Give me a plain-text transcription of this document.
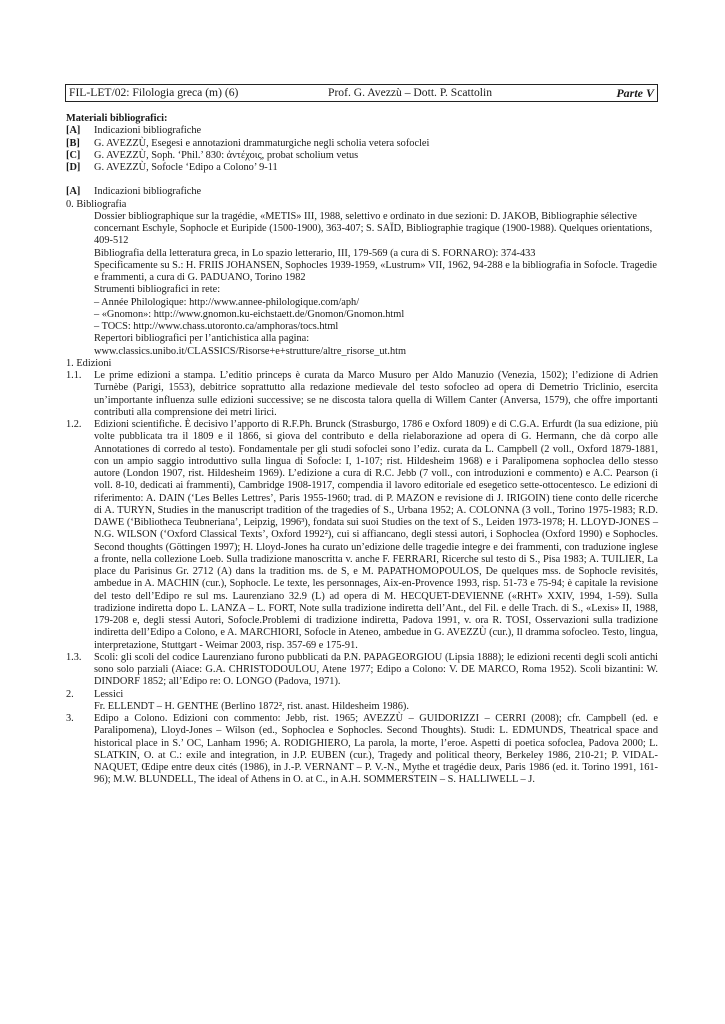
FIL-LET/02: Filologia greca (m) (6)	Prof. G. Avezzù – Dott. P. Scattolin	Parte V

Materiali bibliografici:

[A]	Indicazioni bibliografiche
[B]	G. AVEZZÙ, Esegesi e annotazioni drammaturgiche negli scholia vetera sofoclei
[C]	G. AVEZZÙ, Soph. ‘Phil.’ 830: ἀντέχοις, probat scholium vetus
[D]	G. AVEZZÙ, Sofocle ‘Edipo a Colono’ 9-11
[A]	Indicazioni bibliografiche

0. Bibliografia

Dossier bibliographique sur la tragédie, «METIS» III, 1988, selettivo e ordinato in due sezioni: D. JAKOB, Bibliographie sélective concernant Eschyle, Sophocle et Euripide (1500-1900), 363-407; S. SAÏD, Bibliographie tragique (1900-1988). Quelques orientations, 409-512

Bibliografia della letteratura greca, in Lo spazio letterario, III, 179-569 (a cura di S. FORNARO): 374-433

Specificamente su S.: H. FRIIS JOHANSEN, Sophocles 1939-1959, «Lustrum» VII, 1962, 94-288 e la bibliografia in Sofocle. Tragedie e frammenti, a cura di G. PADUANO, Torino 1982

Strumenti bibliografici in rete:

– Année Philologique: http://www.annee-philologique.com/aph/

– «Gnomon»: http://www.gnomon.ku-eichstaett.de/Gnomon/Gnomon.html

– TOCS: http://www.chass.utoronto.ca/amphoras/tocs.html

Repertori bibliografici per l’antichistica alla pagina:

www.classics.unibo.it/CLASSICS/Risorse+e+strutture/altre_risorse_ut.htm

1. Edizioni

1.1.	Le prime edizioni a stampa. L’editio princeps è curata da Marco Musuro per Aldo Manuzio (Venezia, 1502); l’edizione di Adrien Turnèbe (Parigi, 1553), debitrice soprattutto alla redazione medievale del testo sofocleo ad opera di Demetrio Triclinio, esercita un’importante influenza sulle edizioni successive; se ne discosta talora quella di Willem Canter (Anversa, 1579), che offre importanti contributi alla comprensione dei metri lirici.
1.2.	Edizioni scientifiche. È decisivo l’apporto di R.F.Ph. Brunck (Strasburgo, 1786 e Oxford 1809) e di C.G.A. Erfurdt (la sua edizione, più volte pubblicata tra il 1809 e il 1866, si giova del contributo e della rielaborazione ad opera di G. Hermann, che dà corpo alle Annotationes di corredo al testo). Fondamentale per gli studi sofoclei sono l’ediz. curata da L. Campbell (2 voll., Oxford 1879-1881, con un ampio saggio introduttivo sulla lingua di Sofocle: I, 1-107; rist. Hildesheim 1968) e i Paralipomena sophoclea dello stesso autore (London 1907, rist. Hildesheim 1969). L’edizione a cura di R.C. Jebb (7 voll., con introduzioni e commento) e A.C. Pearson (i voll. 8-10, dedicati ai frammenti), Cambridge 1908-1917, compendia il lavoro editoriale ed esegetico sette-ottocentesco. Le edizioni di riferimento: A. DAIN (‘Les Belles Lettres’, Paris 1955-1960; trad. di P. MAZON e revisione di J. IRIGOIN) tiene conto delle ricerche di A. TURYN, Studies in the manuscript tradition of the tragedies of S., Urbana 1952; A. COLONNA (3 voll., Torino 1975-1983; R.D. DAWE (‘Bibliotheca Teubneriana’, Leipzig, 1996³), fondata sui suoi Studies on the text of S., Leiden 1973-1978; H. LLOYD-JONES – N.G. WILSON (‘Oxford Classical Texts’, Oxford 1992²), cui si affiancano, degli stessi autori, i Sophoclea (Oxford 1990) e Sophocles. Second thoughts (Göttingen 1997); H. Lloyd-Jones ha curato un’edizione delle tragedie integre e dei frammenti, con traduzione inglese a fronte, nella collezione Loeb. Sulla tradizione manoscritta v. anche F. FERRARI, Ricerche sul testo di S., Pisa 1983; A. TUILIER, La place du Parisinus Gr. 2712 (A) dans la tradition ms. de S, e M. PAPATHOMOPOULOS, De quelques mss. de Sophocle revisités, ambedue in A. MACHIN (cur.), Sophocle. Le texte, les personnages, Aix-en-Provence 1993, risp. 51-73 e 75-94; è capitale la revisione del testo dell’Edipo re sul ms. Laurenziano 32.9 (L) ad opera di M. HECQUET-DEVIENNE («RHT» XXIV, 1994, 1-59). Sulla tradizione indiretta dopo L. LANZA – L. FORT, Note sulla tradizione indiretta dell’Ant., del Fil. e delle Trach. di S., «Lexis» II, 1988, 179-208 e, degli stessi Autori, Sofocle.Problemi di tradizione indiretta, Padova 1991, v. ora R. TOSI, Osservazioni sulla tradizione indiretta dell’Edipo a Colono, e A. MARCHIORI, Sofocle in Ateneo, ambedue in G. AVEZZÙ (cur.), Il dramma sofocleo. Testo, lingua, interpretazione, Stuttgart - Weimar 2003, risp. 357-69 e 175-91.
1.3.	Scoli: gli scoli del codice Laurenziano furono pubblicati da P.N. PAPAGEORGIOU (Lipsia 1888); le edizioni recenti degli scoli antichi sono solo parziali (Aiace: G.A. CHRISTODOULOU, Atene 1977; Edipo a Colono: V. DE MARCO, Roma 1952). Scoli bizantini: W. DINDORF 1852; all’Edipo re: O. LONGO (Padova, 1971).
2.	Lessici
Fr. ELLENDT – H. GENTHE (Berlino 1872², rist. anast. Hildesheim 1986).
3.	Edipo a Colono. Edizioni con commento: Jebb, rist. 1965; AVEZZÙ – GUIDORIZZI – CERRI (2008); cfr. Campbell (ed. e Paralipomena), Lloyd-Jones – Wilson (ed., Sophoclea e Sophocles. Second Thoughts). Studi: L. EDMUNDS, Theatrical space and historical place in S.’ OC, Lanham 1996; A. RODIGHIERO, La parola, la morte, l’eroe. Aspetti di poetica sofoclea, Padova 2000; L. SLATKIN, O. at C.: exile and integration, in J.P. EUBEN (cur.), Tragedy and political theory, Berkeley 1986, 210-21; P. VIDAL-NAQUET, Œdipe entre deux cités (1986), in J.-P. VERNANT – P. V.-N., Mythe et tragédie deux, Paris 1986 (ed. it. Torino 1991, 161-96); M.W. BLUNDELL, The ideal of Athens in O. at C., in A.H. SOMMERSTEIN – S. HALLIWELL – J.
